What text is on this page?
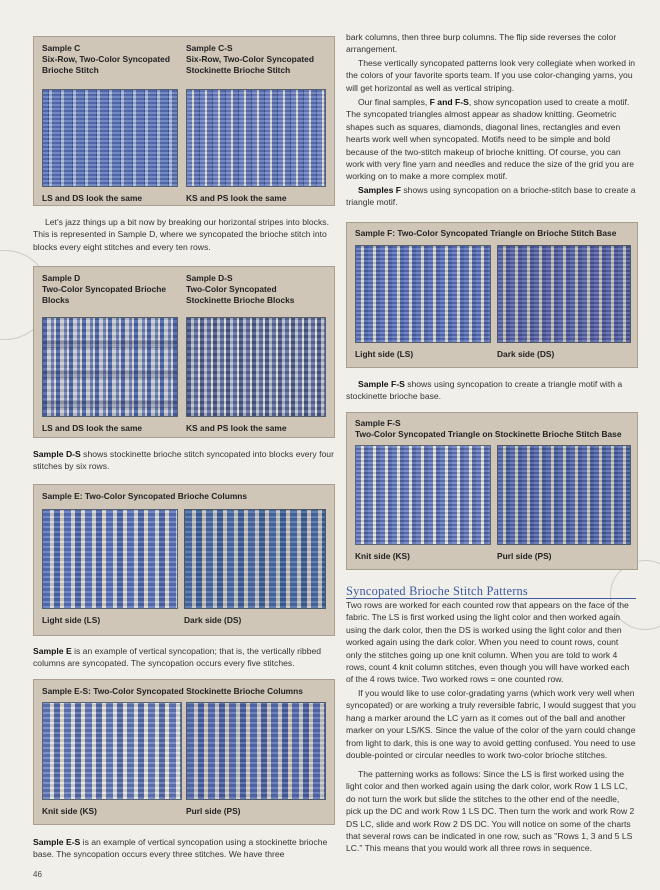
Sample C
Six-Row, Two-Color Syncopated
Brioche Stitch
Sample C-S
Six-Row, Two-Color Syncopated
Stockinette Brioche Stitch
LS and DS look the same	KS and PS look the same
Let's jazz things up a bit now by breaking our horizontal stripes into blocks. This is represented in Sample D, where we syncopated the brioche stitch into blocks every eight stitches and every ten rows.
Sample D
Two-Color Syncopated Brioche
Blocks
Sample D-S
Two-Color Syncopated
Stockinette Brioche Blocks
LS and DS look the same	KS and PS look the same
Sample D-S shows stockinette brioche stitch syncopated into blocks every four stitches by six rows.
Sample E: Two-Color Syncopated Brioche Columns
Light side (LS)	Dark side (DS)
Sample E is an example of vertical syncopation; that is, the vertically ribbed columns are syncopated. The syncopation occurs every five stitches.
Sample E-S: Two-Color Syncopated Stockinette Brioche Columns
Knit side (KS)	Purl side (PS)
Sample E-S is an example of vertical syncopation using a stockinette brioche base. The syncopation occurs every three stitches. We have three
46
bark columns, then three burp columns. The flip side reverses the color arrangement.
These vertically syncopated patterns look very collegiate when worked in the colors of your favorite sports team. If you use color-changing yarns, you will get horizontal as well as vertical striping.
Our final samples, F and F-S, show syncopation used to create a motif. The syncopated triangles almost appear as shadow knitting. Geometric shapes such as squares, diamonds, diagonal lines, rectangles and even hearts work well when syncopated. Motifs need to be simple and bold because of the two-stitch makeup of brioche knitting. Of course, you can work with very fine yarn and needles and reduce the size of the grid you are working on to make a more complex motif.
Samples F shows using syncopation on a brioche-stitch base to create a triangle motif.
Sample F: Two-Color Syncopated Triangle on Brioche Stitch Base
Light side (LS)	Dark side (DS)
Sample F-S shows using syncopation to create a triangle motif with a stockinette brioche base.
Sample F-S
Two-Color Syncopated Triangle on Stockinette Brioche Stitch Base
Knit side (KS)	Purl side (PS)
Syncopated Brioche Stitch Patterns
Two rows are worked for each counted row that appears on the face of the fabric. The LS is first worked using the light color and then worked again using the dark color, then the DS is worked using the light color and then worked again using the dark color. When you need to count rows, count only the stitches going up one knit column. When you are told to work 4 rows, count 4 knit column stitches, even though you will have worked each of the 4 rows twice. Two worked rows = one counted row.
If you would like to use color-gradating yarns (which work very well when syncopated) or are working a truly reversible fabric, I would suggest that you hang a marker around the LC yarn as it comes out of the ball and another marker on your LS/KS. Since the value of the color of the yarn could change from light to dark, this is one way to avoid getting confused. You need to use double-pointed or circular needles to work two-color brioche stitches.
The patterning works as follows: Since the LS is first worked using the light color and then worked again using the dark color, work Row 1 LS LC, do not turn the work but slide the stitches to the other end of the needle, pick up the DC and work Row 1 LS DC. Then turn the work and work Row 2 DS LC, slide and work Row 2 DS DC. You will notice on some of the charts that several rows can be indicated in one row, such as "Rows 1, 3 and 5 LS LC." This means that you would work all three rows in sequence.
